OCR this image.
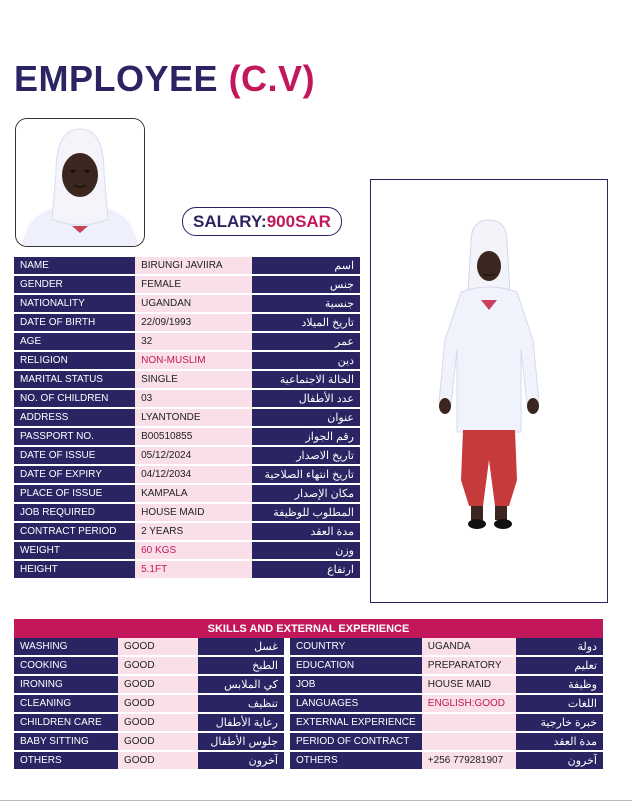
EMPLOYEE (C.V)
SALARY: 900SAR
NAME	BIRUNGI JAVIIRA	اسم
GENDER	FEMALE	جنس
NATIONALITY	UGANDAN	جنسية
DATE OF BIRTH	22/09/1993	تاريخ الميلاد
AGE	32	عمر
RELIGION	NON-MUSLIM	دين
MARITAL STATUS	SINGLE	الحالة الاجتماعية
NO. OF CHILDREN	03	عدد الأطفال
ADDRESS	LYANTONDE	عنوان
PASSPORT NO.	B00510855	رقم الجواز
DATE OF ISSUE	05/12/2024	تاريخ الاصدار
DATE OF EXPIRY	04/12/2034	تاريخ انتهاء الصلاحية
PLACE OF ISSUE	KAMPALA	مكان الإصدار
JOB REQUIRED	HOUSE MAID	المطلوب للوظيفة
CONTRACT PERIOD	2 YEARS	مدة العقد
WEIGHT	60 KGS	وزن
HEIGHT	5.1FT	ارتفاع
SKILLS AND EXTERNAL EXPERIENCE
WASHING	GOOD	غسل
COOKING	GOOD	الطبخ
IRONING	GOOD	كي الملابس
CLEANING	GOOD	تنظيف
CHILDREN CARE	GOOD	رعاية الأطفال
BABY SITTING	GOOD	جلوس الأطفال
OTHERS	GOOD	آخرون
COUNTRY	UGANDA	دولة
EDUCATION	PREPARATORY	تعليم
JOB	HOUSE MAID	وظيفة
LANGUAGES	ENGLISH:GOOD	اللغات
EXTERNAL EXPERIENCE		خبرة خارجية
PERIOD OF CONTRACT		مدة العقد
OTHERS	+256 779281907	آخرون
